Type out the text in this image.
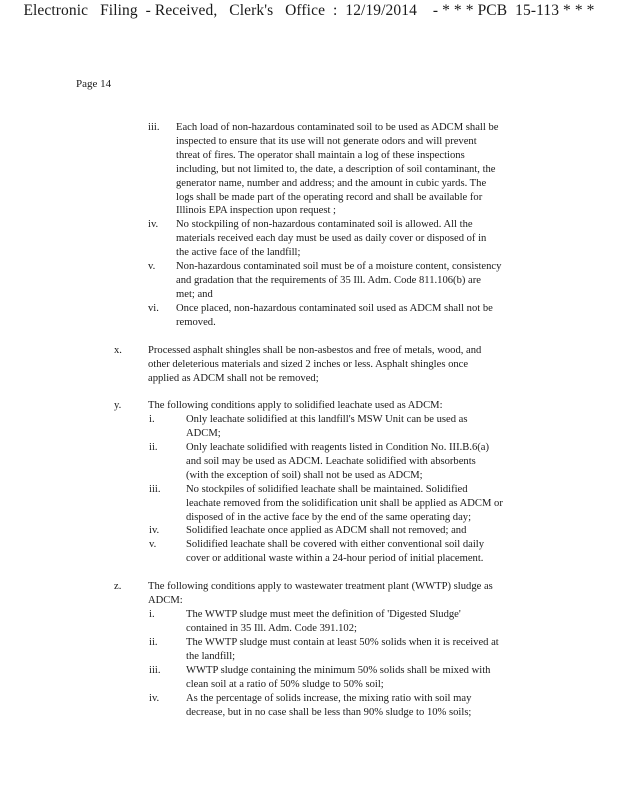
Electronic   Filing  - Received,   Clerk's   Office  :  12/19/2014    - * * * PCB  15-113 * * *
Page 14
iii. Each load of non-hazardous contaminated soil to be used as ADCM shall be

inspected to ensure that its use will not generate odors and will prevent

threat of fires. The operator shall maintain a log of these inspections

including, but not limited to, the date, a description of soil contaminant, the

generator name, number and address; and the amount in cubic yards. The

logs shall be made part of the operating record and shall be available for

Illinois EPA inspection upon request ;

iv. No stockpiling of non-hazardous contaminated soil is allowed. All the

materials received each day must be used as daily cover or disposed of in

the active face of the landfill;

v. Non-hazardous contaminated soil must be of a moisture content, consistency

and gradation that the requirements of 35 Ill. Adm. Code 811.106(b) are

met; and

vi. Once placed, non-hazardous contaminated soil used as ADCM shall not be

removed.

x. Processed asphalt shingles shall be non-asbestos and free of metals, wood, and

other deleterious materials and sized 2 inches or less. Asphalt shingles once

applied as ADCM shall not be removed;

y.	The following conditions apply to solidified leachate used as ADCM:

i.	Only leachate solidified at this landfill's MSW Unit can be used as

ADCM;

ii.	Only leachate solidified with reagents listed in Condition No. III.B.6(a)

and soil may be used as ADCM. Leachate solidified with absorbents

(with the exception of soil) shall not be used as ADCM;

iii. No stockpiles of solidified leachate shall be maintained. Solidified

leachate removed from the solidification unit shall be applied as ADCM or

disposed of in the active face by the end of the same operating day;

iv.	Solidified leachate once applied as ADCM shall not removed; and

v.	Solidified leachate shall be covered with either conventional soil daily

cover or additional waste within a 24-hour period of initial placement.

z.	The following conditions apply to wastewater treatment plant (WWTP) sludge as

ADCM:

i.	The WWTP sludge must meet the definition of 'Digested Sludge'

contained in 35 Ill. Adm. Code 391.102;

ii.	The WWTP sludge must contain at least 50% solids when it is received at

the landfill;

iii. WWTP sludge containing the minimum 50% solids shall be mixed with

clean soil at a ratio of 50% sludge to 50% soil;

iv.	As the percentage of solids increase, the mixing ratio with soil may

decrease, but in no case shall be less than 90% sludge to 10% soils;
